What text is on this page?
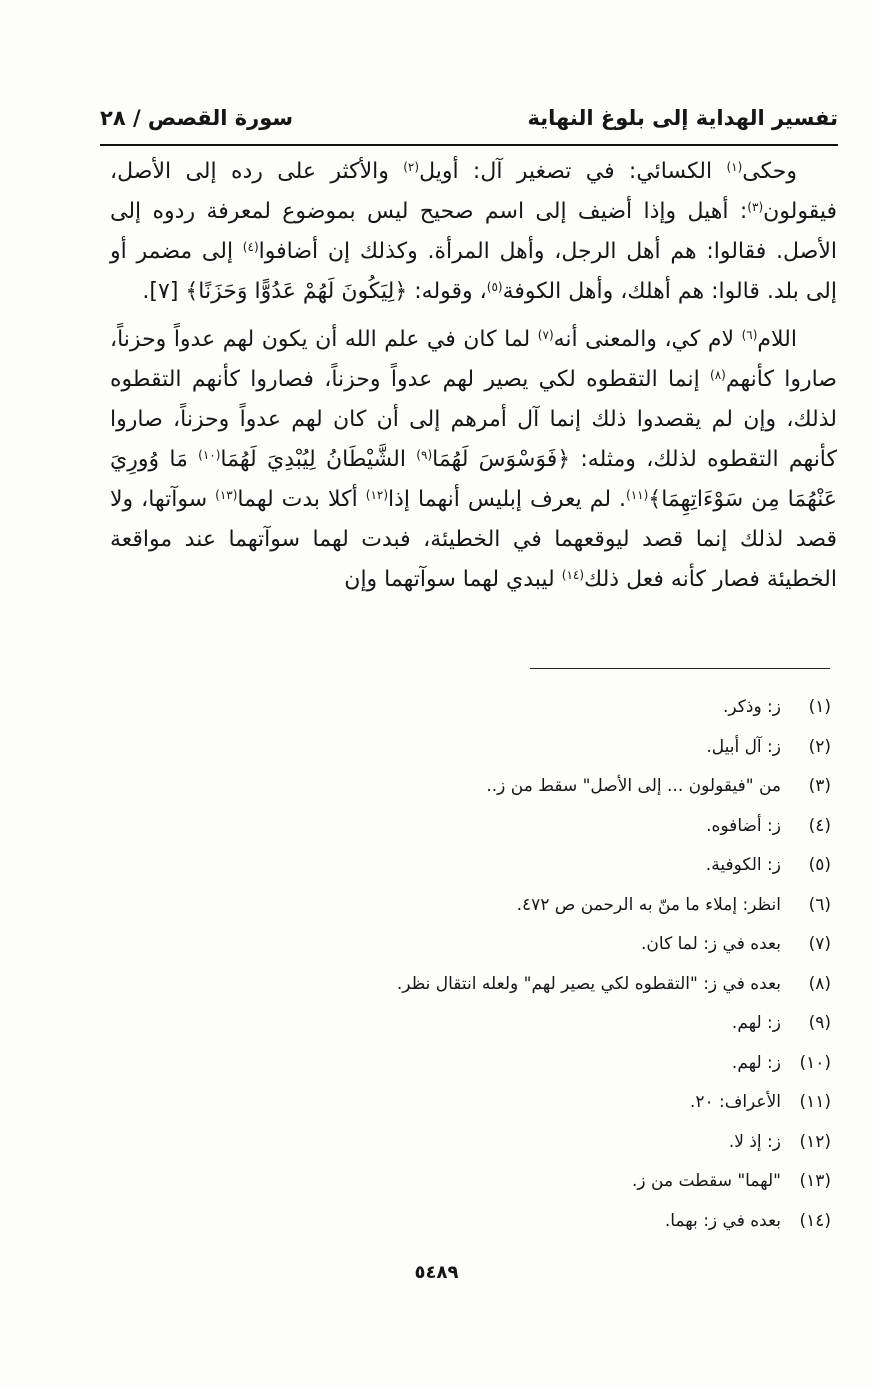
تفسير الهداية إلى بلوغ النهاية
سورة القصص / ٢٨

وحكى$^{(١)}$ الكسائي: في تصغير آل: أويل$^{(٢)}$ والأكثر على رده إلى الأصل، فيقولون$^{(٣)}$: أهيل وإذا أضيف إلى اسم صحيح ليس بموضوع لمعرفة ردوه إلى الأصل. فقالوا: هم أهل الرجل، وأهل المرأة. وكذلك إن أضافوا$^{(٤)}$ إلى مضمر أو إلى بلد. قالوا: هم أهلك، وأهل الكوفة$^{(٥)}$، وقوله: ﴿لِيَكُونَ لَهُمْ عَدُوًّا وَحَزَنًا﴾ [٧].

اللام$^{(٦)}$ لام كي، والمعنى أنه$^{(٧)}$ لما كان في علم الله أن يكون لهم عدواً وحزناً، صاروا كأنهم$^{(٨)}$ إنما التقطوه لكي يصير لهم عدواً وحزناً، فصاروا كأنهم التقطوه لذلك، وإن لم يقصدوا ذلك إنما آل أمرهم إلى أن كان لهم عدواً وحزناً، صاروا كأنهم التقطوه لذلك، ومثله: ﴿فَوَسْوَسَ لَهُمَا$^{(٩)}$ الشَّيْطَانُ لِيُبْدِيَ لَهُمَا$^{(١٠)}$ مَا وُورِيَ عَنْهُمَا مِن سَوْءَاتِهِمَا﴾$^{(١١)}$. لم يعرف إبليس أنهما إذا$^{(١٢)}$ أكلا بدت لهما$^{(١٣)}$ سوآتها، ولا قصد لذلك إنما قصد ليوقعهما في الخطيئة، فبدت لهما سوآتهما عند مواقعة الخطيئة فصار كأنه فعل ذلك$^{(١٤)}$ ليبدي لهما سوآتهما وإن

(١)ز: وذكر.
(٢)ز: آل أبيل.
(٣)من "فيقولون ... إلى الأصل" سقط من ز..
(٤)ز: أضافوه.
(٥)ز: الكوفية.
(٦)انظر: إملاء ما منّ به الرحمن ص ٤٧٢.
(٧)بعده في ز: لما كان.
(٨)بعده في ز: "التقطوه لكي يصير لهم" ولعله انتقال نظر.
(٩)ز: لهم.
(١٠)ز: لهم.
(١١)الأعراف: ٢٠.
(١٢)ز: إذ لا.
(١٣)"لهما" سقطت من ز.
(١٤)بعده في ز: بهما.
٥٤٨٩
